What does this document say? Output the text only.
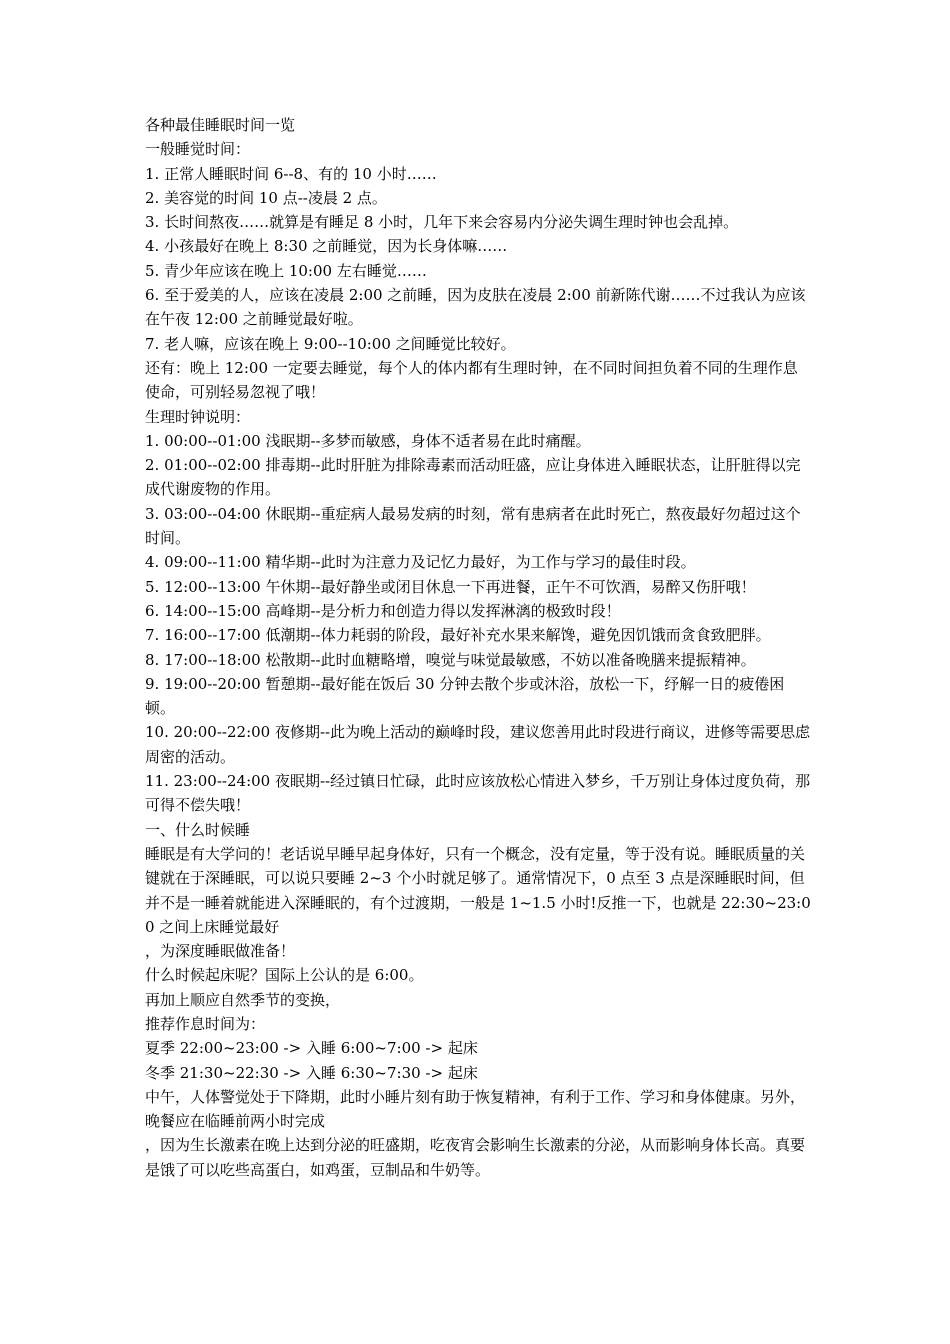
各种最佳睡眠时间一览

一般睡觉时间：

1. 正常人睡眠时间 6--8、有的 10 小时……

2. 美容觉的时间 10 点--凌晨 2 点。

3. 长时间熬夜……就算是有睡足 8 小时，几年下来会容易内分泌失调生理时钟也会乱掉。

4. 小孩最好在晚上 8:30 之前睡觉，因为长身体嘛……

5. 青少年应该在晚上 10:00 左右睡觉……

6. 至于爱美的人，应该在凌晨 2:00 之前睡，因为皮肤在凌晨 2:00 前新陈代谢……不过我认为应该在午夜 12:00 之前睡觉最好啦。

7. 老人嘛，应该在晚上 9:00--10:00 之间睡觉比较好。

还有：晚上 12:00 一定要去睡觉，每个人的体内都有生理时钟，在不同时间担负着不同的生理作息使命，可别轻易忽视了哦！

生理时钟说明：

1. 00:00--01:00 浅眠期--多梦而敏感，身体不适者易在此时痛醒。

2. 01:00--02:00 排毒期--此时肝脏为排除毒素而活动旺盛，应让身体进入睡眠状态，让肝脏得以完成代谢废物的作用。

3. 03:00--04:00 休眠期--重症病人最易发病的时刻，常有患病者在此时死亡，熬夜最好勿超过这个时间。

4. 09:00--11:00 精华期--此时为注意力及记忆力最好，为工作与学习的最佳时段。

5. 12:00--13:00 午休期--最好静坐或闭目休息一下再进餐，正午不可饮酒，易醉又伤肝哦！

6. 14:00--15:00 高峰期--是分析力和创造力得以发挥淋漓的极致时段！

7. 16:00--17:00 低潮期--体力耗弱的阶段，最好补充水果来解馋，避免因饥饿而贪食致肥胖。

8. 17:00--18:00 松散期--此时血糖略增，嗅觉与味觉最敏感，不妨以准备晚膳来提振精神。

9. 19:00--20:00 暂憩期--最好能在饭后 30 分钟去散个步或沐浴，放松一下，纾解一日的疲倦困顿。

10. 20:00--22:00 夜修期--此为晚上活动的巅峰时段，建议您善用此时段进行商议，进修等需要思虑周密的活动。

11. 23:00--24:00 夜眠期--经过镇日忙碌，此时应该放松心情进入梦乡，千万别让身体过度负荷，那可得不偿失哦！

一、什么时候睡

睡眠是有大学问的！老话说早睡早起身体好，只有一个概念，没有定量，等于没有说。睡眠质量的关键就在于深睡眠，可以说只要睡 2~3 个小时就足够了。通常情况下，0 点至 3 点是深睡眠时间，但并不是一睡着就能进入深睡眠的，有个过渡期，一般是 1~1.5 小时!反推一下，也就是 22:30~23:00 之间上床睡觉最好

，为深度睡眠做准备！

什么时候起床呢？国际上公认的是 6:00。

再加上顺应自然季节的变换，

推荐作息时间为：

夏季 22:00~23:00 -> 入睡 6:00~7:00 -> 起床

冬季 21:30~22:30 -> 入睡 6:30~7:30 -> 起床

中午，人体警觉处于下降期，此时小睡片刻有助于恢复精神，有利于工作、学习和身体健康。另外，晚餐应在临睡前两小时完成

，因为生长激素在晚上达到分泌的旺盛期，吃夜宵会影响生长激素的分泌，从而影响身体长高。真要是饿了可以吃些高蛋白，如鸡蛋，豆制品和牛奶等。
